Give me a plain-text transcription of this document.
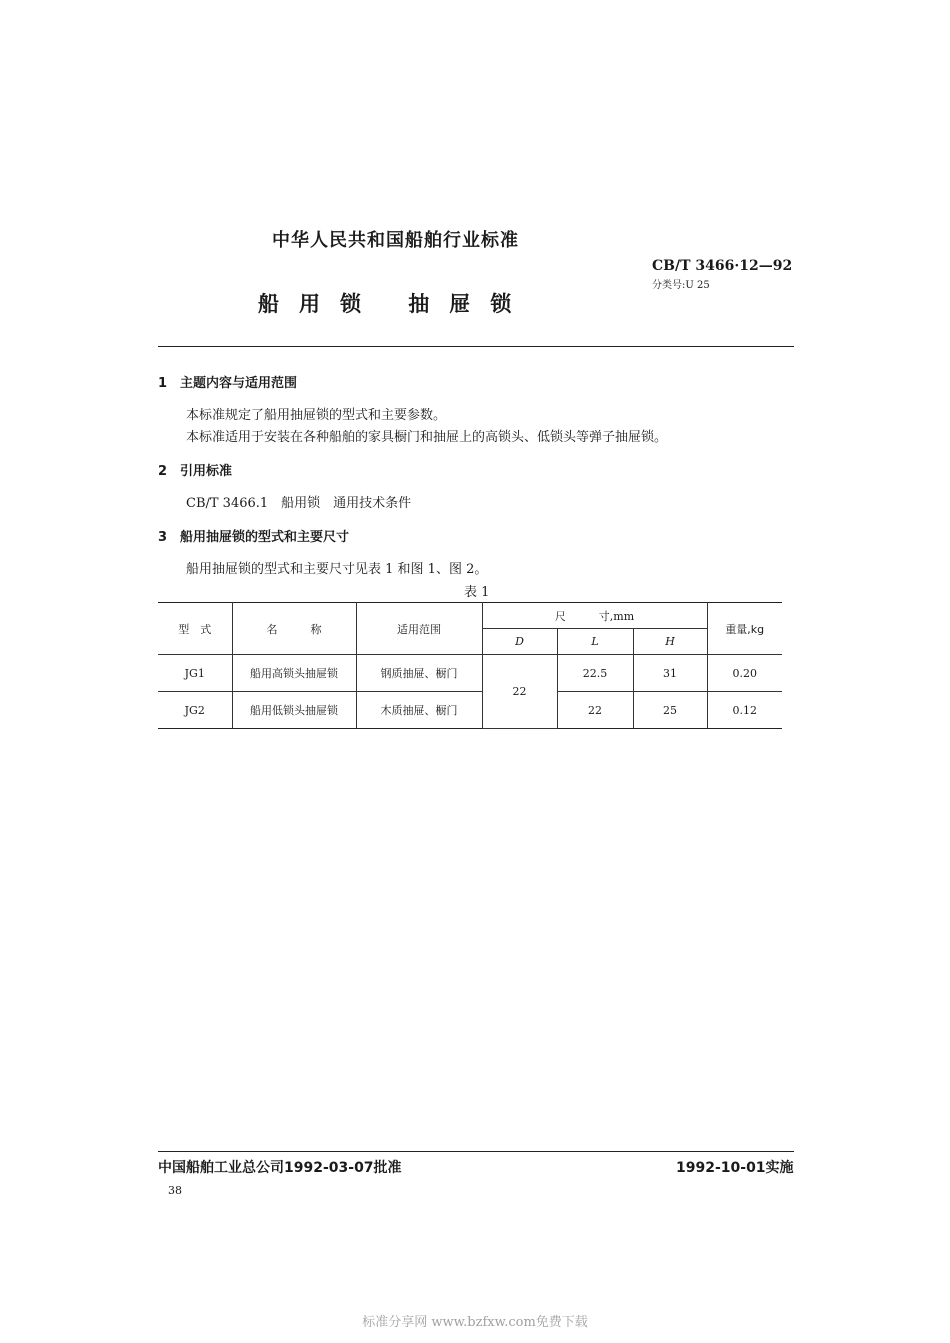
中华人民共和国船舶行业标准
CB/T 3466·12—92
分类号:U 25
船用锁 抽屉锁
1　主题内容与适用范围
本标准规定了船用抽屉锁的型式和主要参数。
本标准适用于安装在各种船舶的家具橱门和抽屉上的高锁头、低锁头等弹子抽屉锁。
2　引用标准
CB/T 3466.1　船用锁　通用技术条件
3　船用抽屉锁的型式和主要尺寸
船用抽屉锁的型式和主要尺寸见表 1 和图 1、图 2。
表 1
型　式	名　　　称	适用范围	尺　　　寸,mm			重量,kg
			D	L	H	
JG1	船用高锁头抽屉锁	钢质抽屉、橱门	22	22.5	31	0.20
JG2	船用低锁头抽屉锁	木质抽屉、橱门		22	25	0.12
中国船舶工业总公司1992-03-07批准	1992-10-01实施
38
标准分享网 www.bzfxw.com免费下载
